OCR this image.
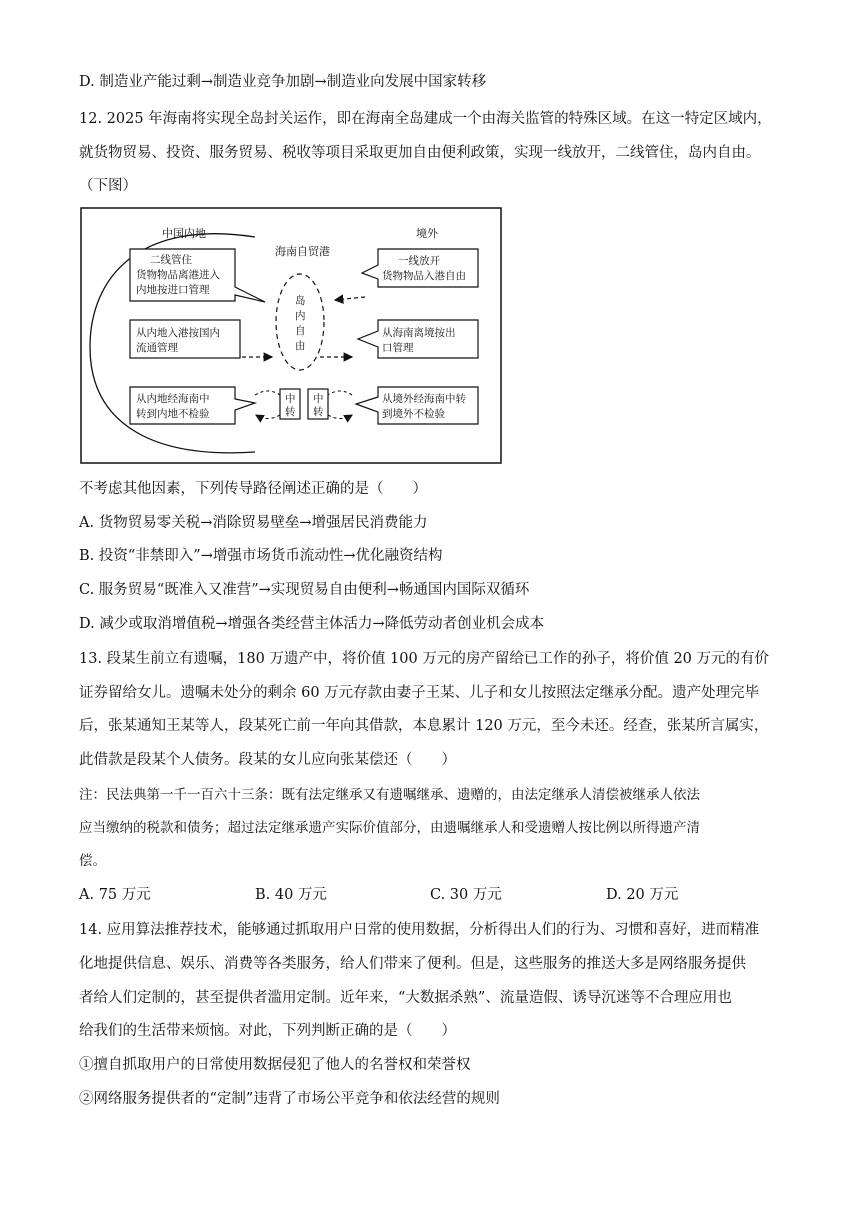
D. 制造业产能过剩→制造业竞争加剧→制造业向发展中国家转移
12. 2025 年海南将实现全岛封关运作，即在海南全岛建成一个由海关监管的特殊区域。在这一特定区域内，
就货物贸易、投资、服务贸易、税收等项目采取更加自由便利政策，实现一线放开，二线管住，岛内自由。
（下图）
中国内地	境外
海南自贸港
岛
内
自
由
二线管住
货物物品离港进入
内地按进口管理
从内地入港按国内
流通管理
从内地经海南中
转到内地不检验
中
转
中
转
一线放开
货物物品入港自由
从海南离境按出
口管理
从境外经海南中转
到境外不检验
不考虑其他因素，下列传导路径阐述正确的是（　　）
A. 货物贸易零关税→消除贸易壁垒→增强居民消费能力
B. 投资“非禁即入”→增强市场货币流动性→优化融资结构
C. 服务贸易“既准入又准营”→实现贸易自由便利→畅通国内国际双循环
D. 减少或取消增值税→增强各类经营主体活力→降低劳动者创业机会成本
13. 段某生前立有遗嘱，180 万遗产中，将价值 100 万元的房产留给已工作的孙子，将价值 20 万元的有价
证券留给女儿。遗嘱未处分的剩余 60 万元存款由妻子王某、儿子和女儿按照法定继承分配。遗产处理完毕
后，张某通知王某等人，段某死亡前一年向其借款，本息累计 120 万元，至今未还。经查，张某所言属实，
此借款是段某个人债务。段某的女儿应向张某偿还（　　）
注：民法典第一千一百六十三条：既有法定继承又有遗嘱继承、遗赠的，由法定继承人清偿被继承人依法
应当缴纳的税款和债务；超过法定继承遗产实际价值部分，由遗嘱继承人和受遗赠人按比例以所得遗产清
偿。
A. 75 万元	B. 40 万元	C. 30 万元	D. 20 万元
14. 应用算法推荐技术，能够通过抓取用户日常的使用数据，分析得出人们的行为、习惯和喜好，进而精准
化地提供信息、娱乐、消费等各类服务，给人们带来了便利。但是，这些服务的推送大多是网络服务提供
者给人们定制的，甚至提供者滥用定制。近年来，“大数据杀熟”、流量造假、诱导沉迷等不合理应用也
给我们的生活带来烦恼。对此，下列判断正确的是（　　）
①擅自抓取用户的日常使用数据侵犯了他人的名誉权和荣誉权
②网络服务提供者的“定制”违背了市场公平竞争和依法经营的规则
